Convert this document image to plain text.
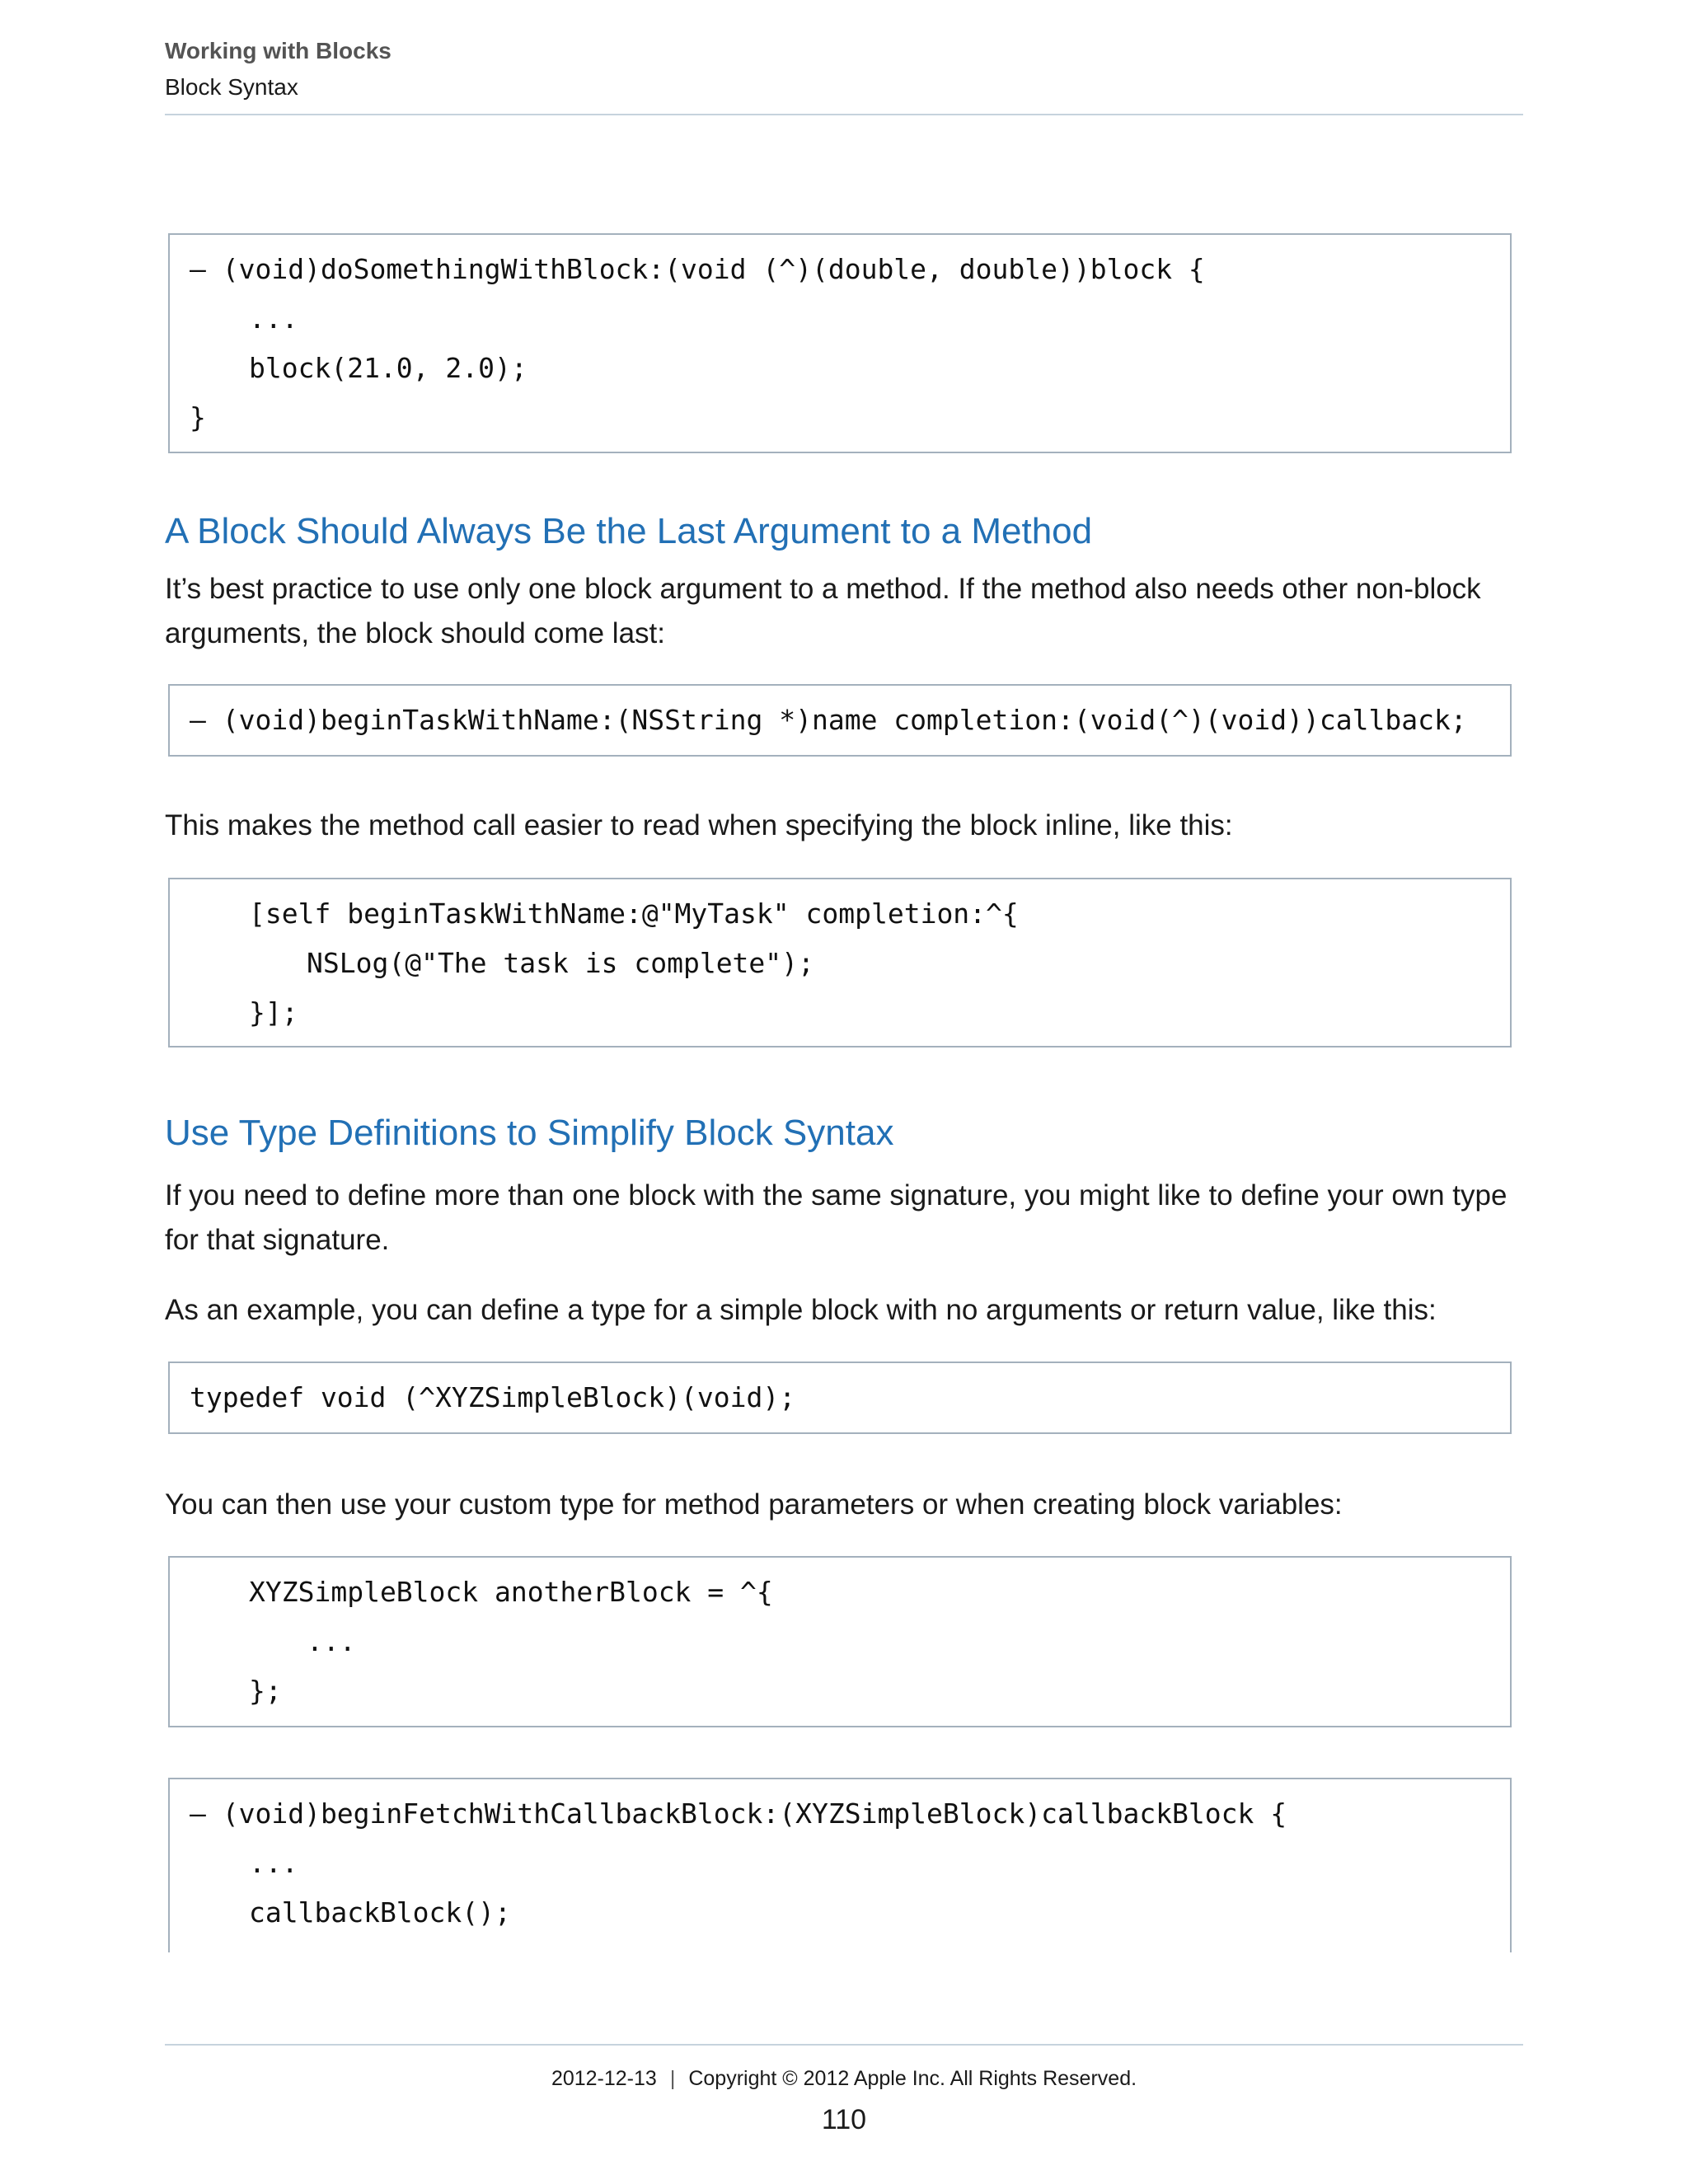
Working with Blocks
Block Syntax
– (void)doSomethingWithBlock:(void (^)(double, double))block {
...
block(21.0, 2.0);
}
A Block Should Always Be the Last Argument to a Method
It’s best practice to use only one block argument to a method. If the method also needs other non-block
arguments, the block should come last:
– (void)beginTaskWithName:(NSString *)name completion:(void(^)(void))callback;
This makes the method call easier to read when specifying the block inline, like this:
[self beginTaskWithName:@"MyTask" completion:^{
NSLog(@"The task is complete");
}];
Use Type Definitions to Simplify Block Syntax
If you need to define more than one block with the same signature, you might like to define your own type
for that signature.
As an example, you can define a type for a simple block with no arguments or return value, like this:
typedef void (^XYZSimpleBlock)(void);
You can then use your custom type for method parameters or when creating block variables:
XYZSimpleBlock anotherBlock = ^{
...
};
– (void)beginFetchWithCallbackBlock:(XYZSimpleBlock)callbackBlock {
...
callbackBlock();
2012-12-13 | Copyright © 2012 Apple Inc. All Rights Reserved.
110
